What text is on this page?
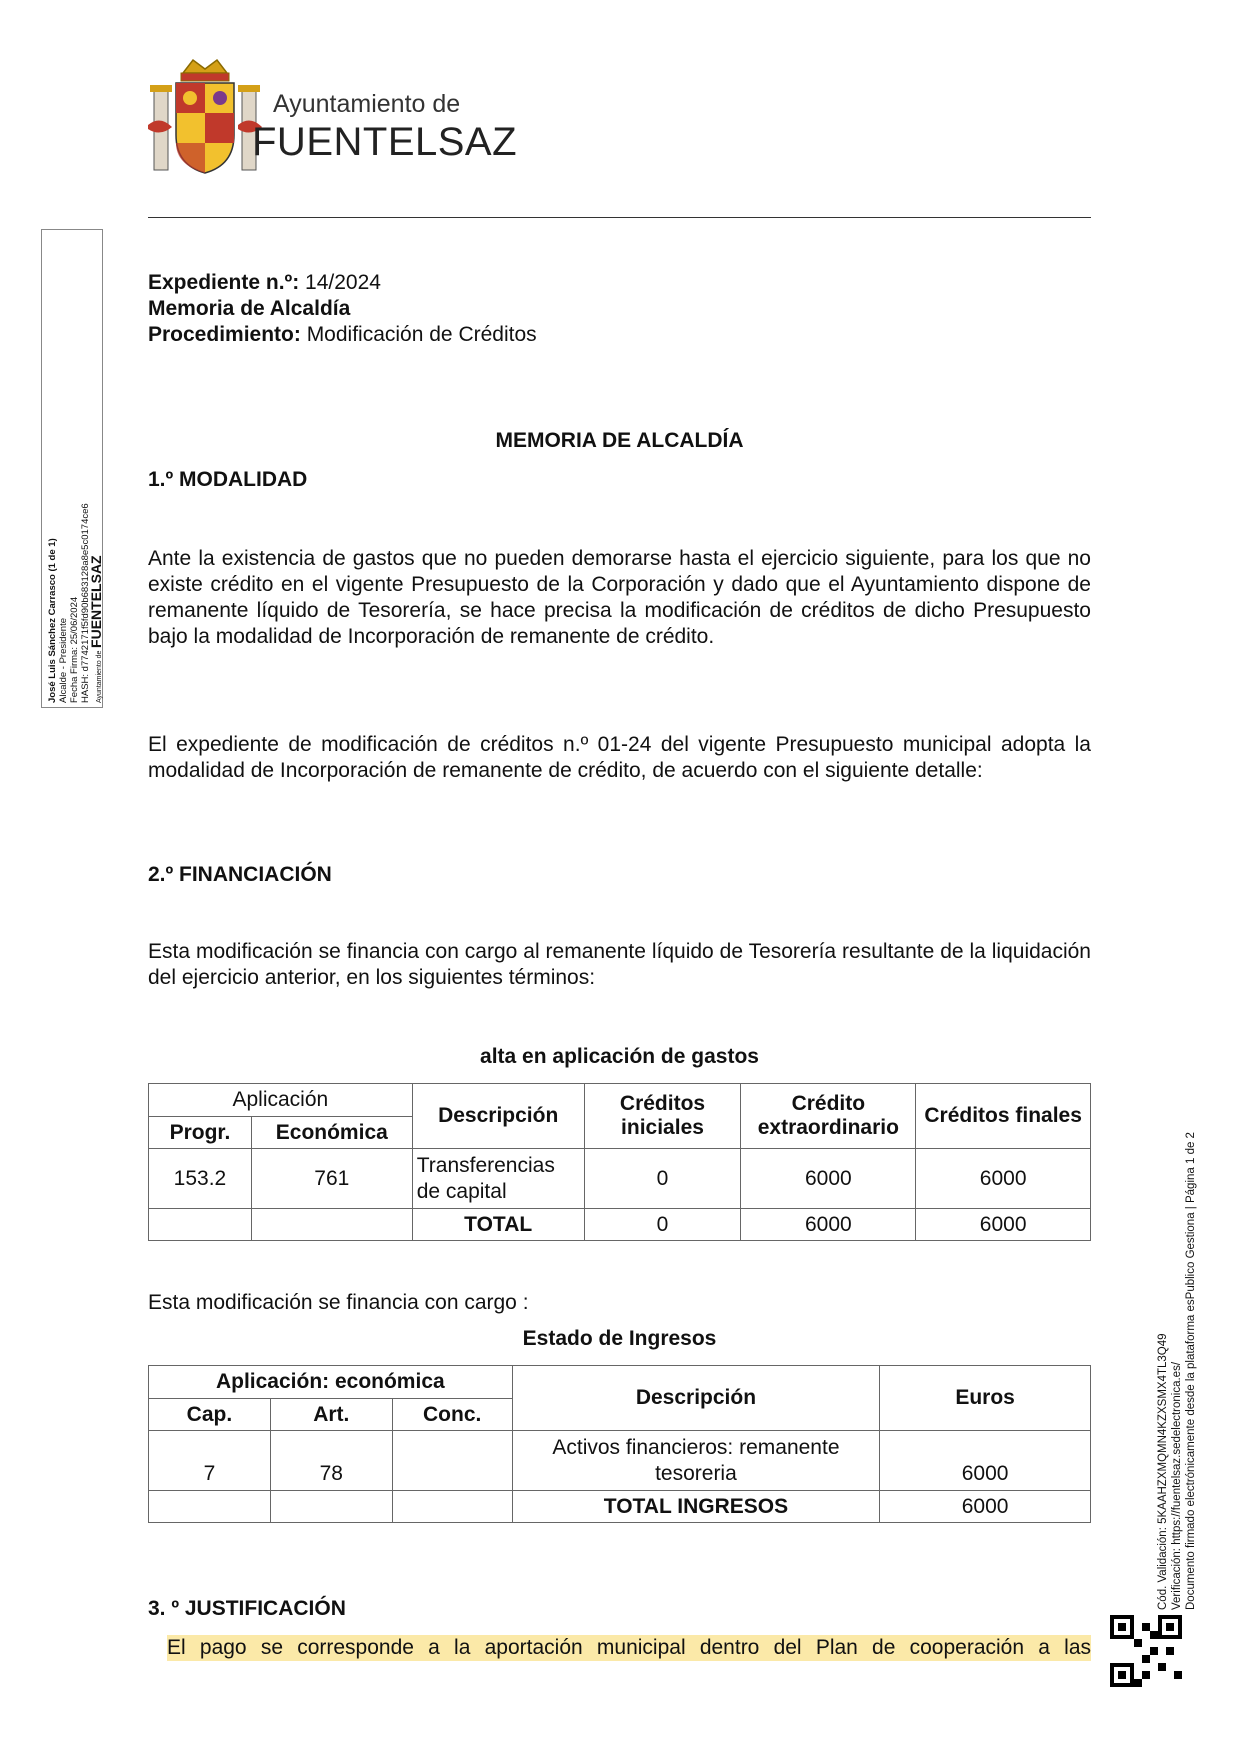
Ayuntamiento de
FUENTELSAZ
José Luis Sánchez Carrasco (1 de 1) Alcalde - Presidente Fecha Firma: 25/06/2024 HASH: d7742171f5fd90b683128a8e5c0174ce6 Ayuntamiento de FUENTELSAZ
Cód. Validación: 5KAAHZXMQMN4KZXSMX4TL3Q49 Verificación: https://fuentelsaz.sedelectronica.es/ Documento firmado electrónicamente desde la plataforma esPublico Gestiona | Página 1 de 2
Expediente n.º: 14/2024
Memoria de Alcaldía
Procedimiento: Modificación de Créditos
MEMORIA DE ALCALDÍA
1.º MODALIDAD
Ante la existencia de gastos que no pueden demorarse hasta el ejercicio siguiente, para los que no existe crédito en el vigente Presupuesto de la Corporación y dado que el Ayuntamiento dispone de remanente líquido de Tesorería, se hace precisa la modificación de créditos de dicho Presupuesto bajo la modalidad de Incorporación de remanente de crédito.
El expediente de modificación de créditos n.º 01-24 del vigente Presupuesto municipal adopta la modalidad de Incorporación de remanente de crédito, de acuerdo con el siguiente detalle:
2.º FINANCIACIÓN
Esta modificación se financia con cargo al remanente líquido de Tesorería resultante de la liquidación del ejercicio anterior, en los siguientes términos:
alta en aplicación de gastos
Aplicación		Descripción	Créditos iniciales	Crédito extraordinario	Créditos finales
Progr.	Económica				
153.2	761	Transferencias de capital	0	6000	6000
		TOTAL	0	6000	6000
Esta modificación se financia con cargo :
Estado de Ingresos
Aplicación: económica			Descripción	Euros
Cap.	Art.	Conc.		
7	78		Activos financieros: remanente tesoreria	6000
			TOTAL INGRESOS	6000
3. º JUSTIFICACIÓN
El pago se corresponde a la aportación municipal dentro del Plan de cooperación a las
